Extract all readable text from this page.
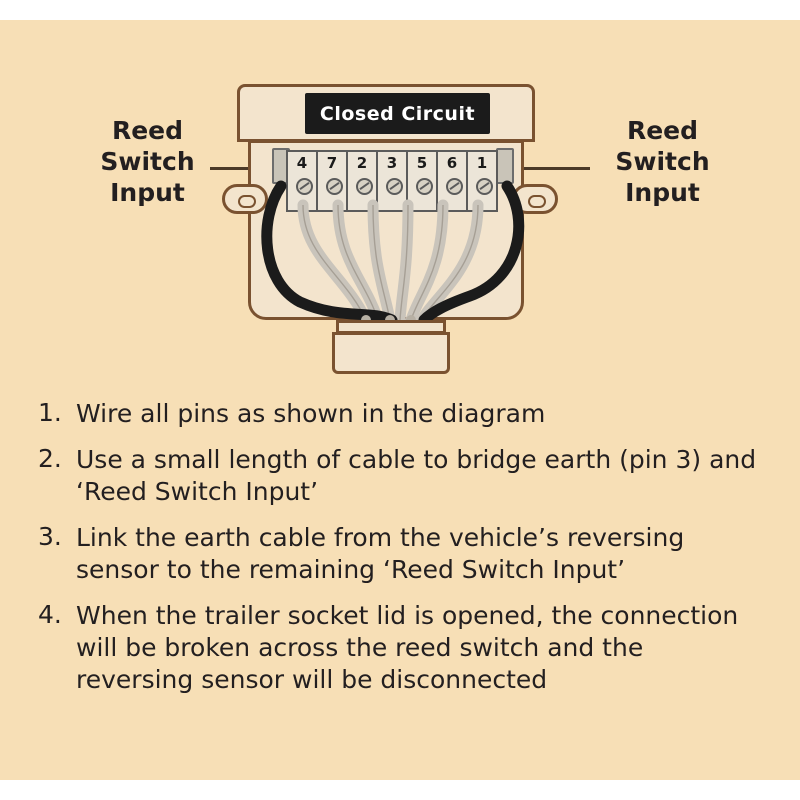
Reed
Switch
Input
Reed
Switch
Input
Closed Circuit
4	7	2	3	5	6	1
1. Wire all pins as shown in the diagram
2. Use a small length of cable to bridge earth (pin 3) and ‘Reed Switch Input’
3. Link the earth cable from the vehicle’s reversing sensor to the remaining ‘Reed Switch Input’
4. When the trailer socket lid is opened, the connection will be broken across the reed switch and the reversing sensor will be disconnected
